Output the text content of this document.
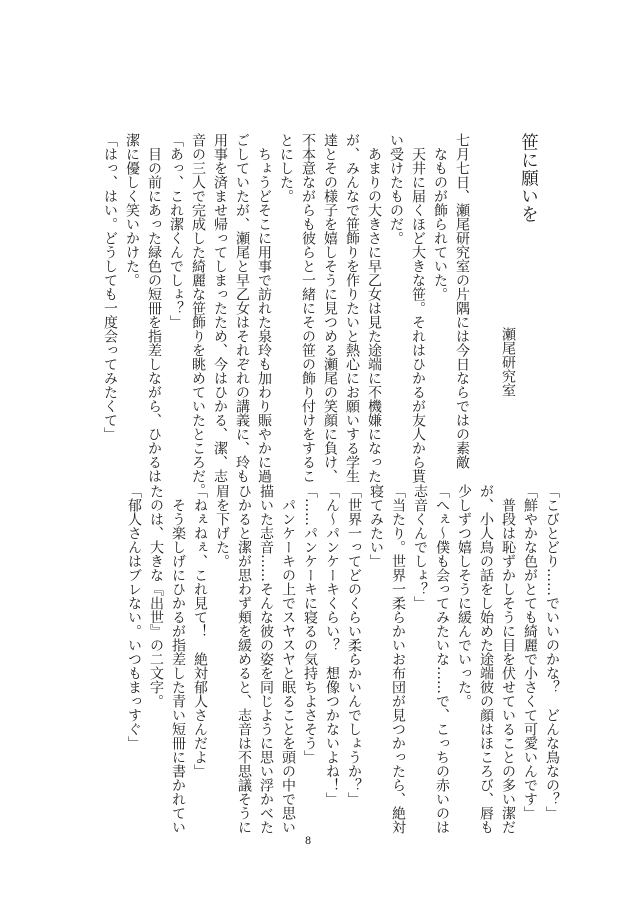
笹に願いを
瀬尾研究室
七月七日、瀬尾研究室の片隅には今日ならではの素敵
なものが飾られていた。
天井に届くほど大きな笹。それはひかるが友人から貰
い受けたものだ。
あまりの大きさに早乙女は見た途端に不機嫌になった
が、みんなで笹飾りを作りたいと熱心にお願いする学生
達とその様子を嬉しそうに見つめる瀬尾の笑顔に負け、
不本意ながらも彼らと一緒にその笹の飾り付けをするこ
とにした。
ちょうどそこに用事で訪れた泉玲も加わり賑やかに過
ごしていたが、瀬尾と早乙女はそれぞれの講義に、玲も
用事を済ませ帰ってしまったため、今はひかる、潔、志
音の三人で完成した綺麗な笹飾りを眺めていたところだ。
「あっ、これ潔くんでしょ？」
目の前にあった緑色の短冊を指差しながら、ひかるは
潔に優しく笑いかけた。
「はっ、はい。どうしても一度会ってみたくて」
「こびとどり……でいいのかな？　どんな鳥なの？」
「鮮やかな色がとても綺麗で小さくて可愛いんです」
普段は恥ずかしそうに目を伏せていることの多い潔だ
が、小人鳥の話をし始めた途端彼の顔はほころび、唇も
少しずつ嬉しそうに緩んでいった。
「へぇ～僕も会ってみたいな……で、こっちの赤いのは
志音くんでしょ？」
「当たり。世界一柔らかいお布団が見つかったら、絶対
寝てみたい」
「世界一ってどのくらい柔らかいんでしょうか？」
「ん～パンケーキくらい？　想像つかないよね！」
「……パンケーキに寝るの気持ちよさそう」
パンケーキの上でスヤスヤと眠ることを頭の中で思い
描いた志音……そんな彼の姿を同じように思い浮かべた
ひかると潔が思わず頬を緩めると、志音は不思議そうに
眉を下げた。
「ねぇねぇ、これ見て！　絶対郁人さんだよ」
そう楽しげにひかるが指差した青い短冊に書かれてい
たのは、大きな『出世』の二文字。
「郁人さんはブレない。いつもまっすぐ」
8
